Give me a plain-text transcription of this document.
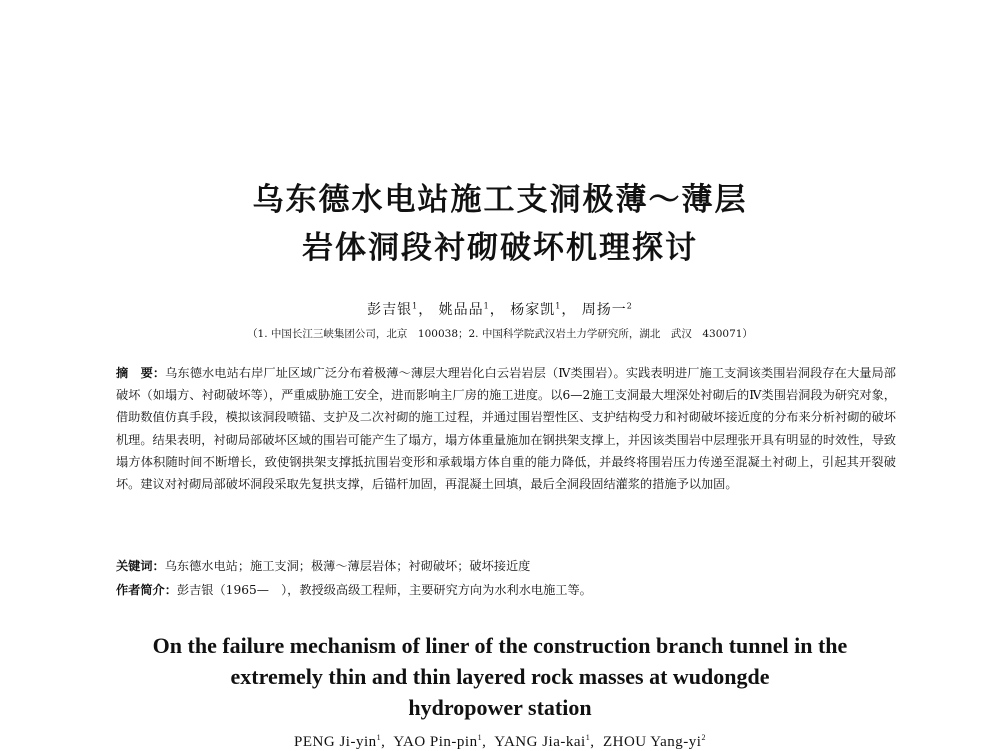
乌东德水电站施工支洞极薄～薄层
岩体洞段衬砌破坏机理探讨
彭吉银$^1$， 姚品品$^1$， 杨家凯$^1$， 周扬一$^2$
（1. 中国长江三峡集团公司，北京　100038；2. 中国科学院武汉岩土力学研究所，湖北　武汉　430071）
摘　要：乌东德水电站右岸厂址区域广泛分布着极薄～薄层大理岩化白云岩岩层（Ⅳ类围岩）。实践表明进厂施工支洞该类围岩洞段存在大量局部破坏（如塌方、衬砌破坏等），严重威胁施工安全，进而影响主厂房的施工进度。以6—2施工支洞最大埋深处衬砌后的Ⅳ类围岩洞段为研究对象，借助数值仿真手段，模拟该洞段喷锚、支护及二次衬砌的施工过程，并通过围岩塑性区、支护结构受力和衬砌破坏接近度的分布来分析衬砌的破坏机理。结果表明，衬砌局部破坏区域的围岩可能产生了塌方，塌方体重量施加在钢拱架支撑上，并因该类围岩中层理张开具有明显的时效性，导致塌方体积随时间不断增长，致使钢拱架支撑抵抗围岩变形和承载塌方体自重的能力降低，并最终将围岩压力传递至混凝土衬砌上，引起其开裂破坏。建议对衬砌局部破坏洞段采取先复拱支撑，后锚杆加固，再混凝土回填，最后全洞段固结灌浆的措施予以加固。
关键词：乌东德水电站；施工支洞；极薄～薄层岩体；衬砌破坏；破坏接近度
作者简介：彭吉银（1965—　），教授级高级工程师，主要研究方向为水利水电施工等。
On the failure mechanism of liner of the construction branch tunnel in the
extremely thin and thin layered rock masses at wudongde
hydropower station
PENG Ji-yin$^1$,  YAO Pin-pin$^1$,  YANG Jia-kai$^1$,  ZHOU Yang-$yi^2$
